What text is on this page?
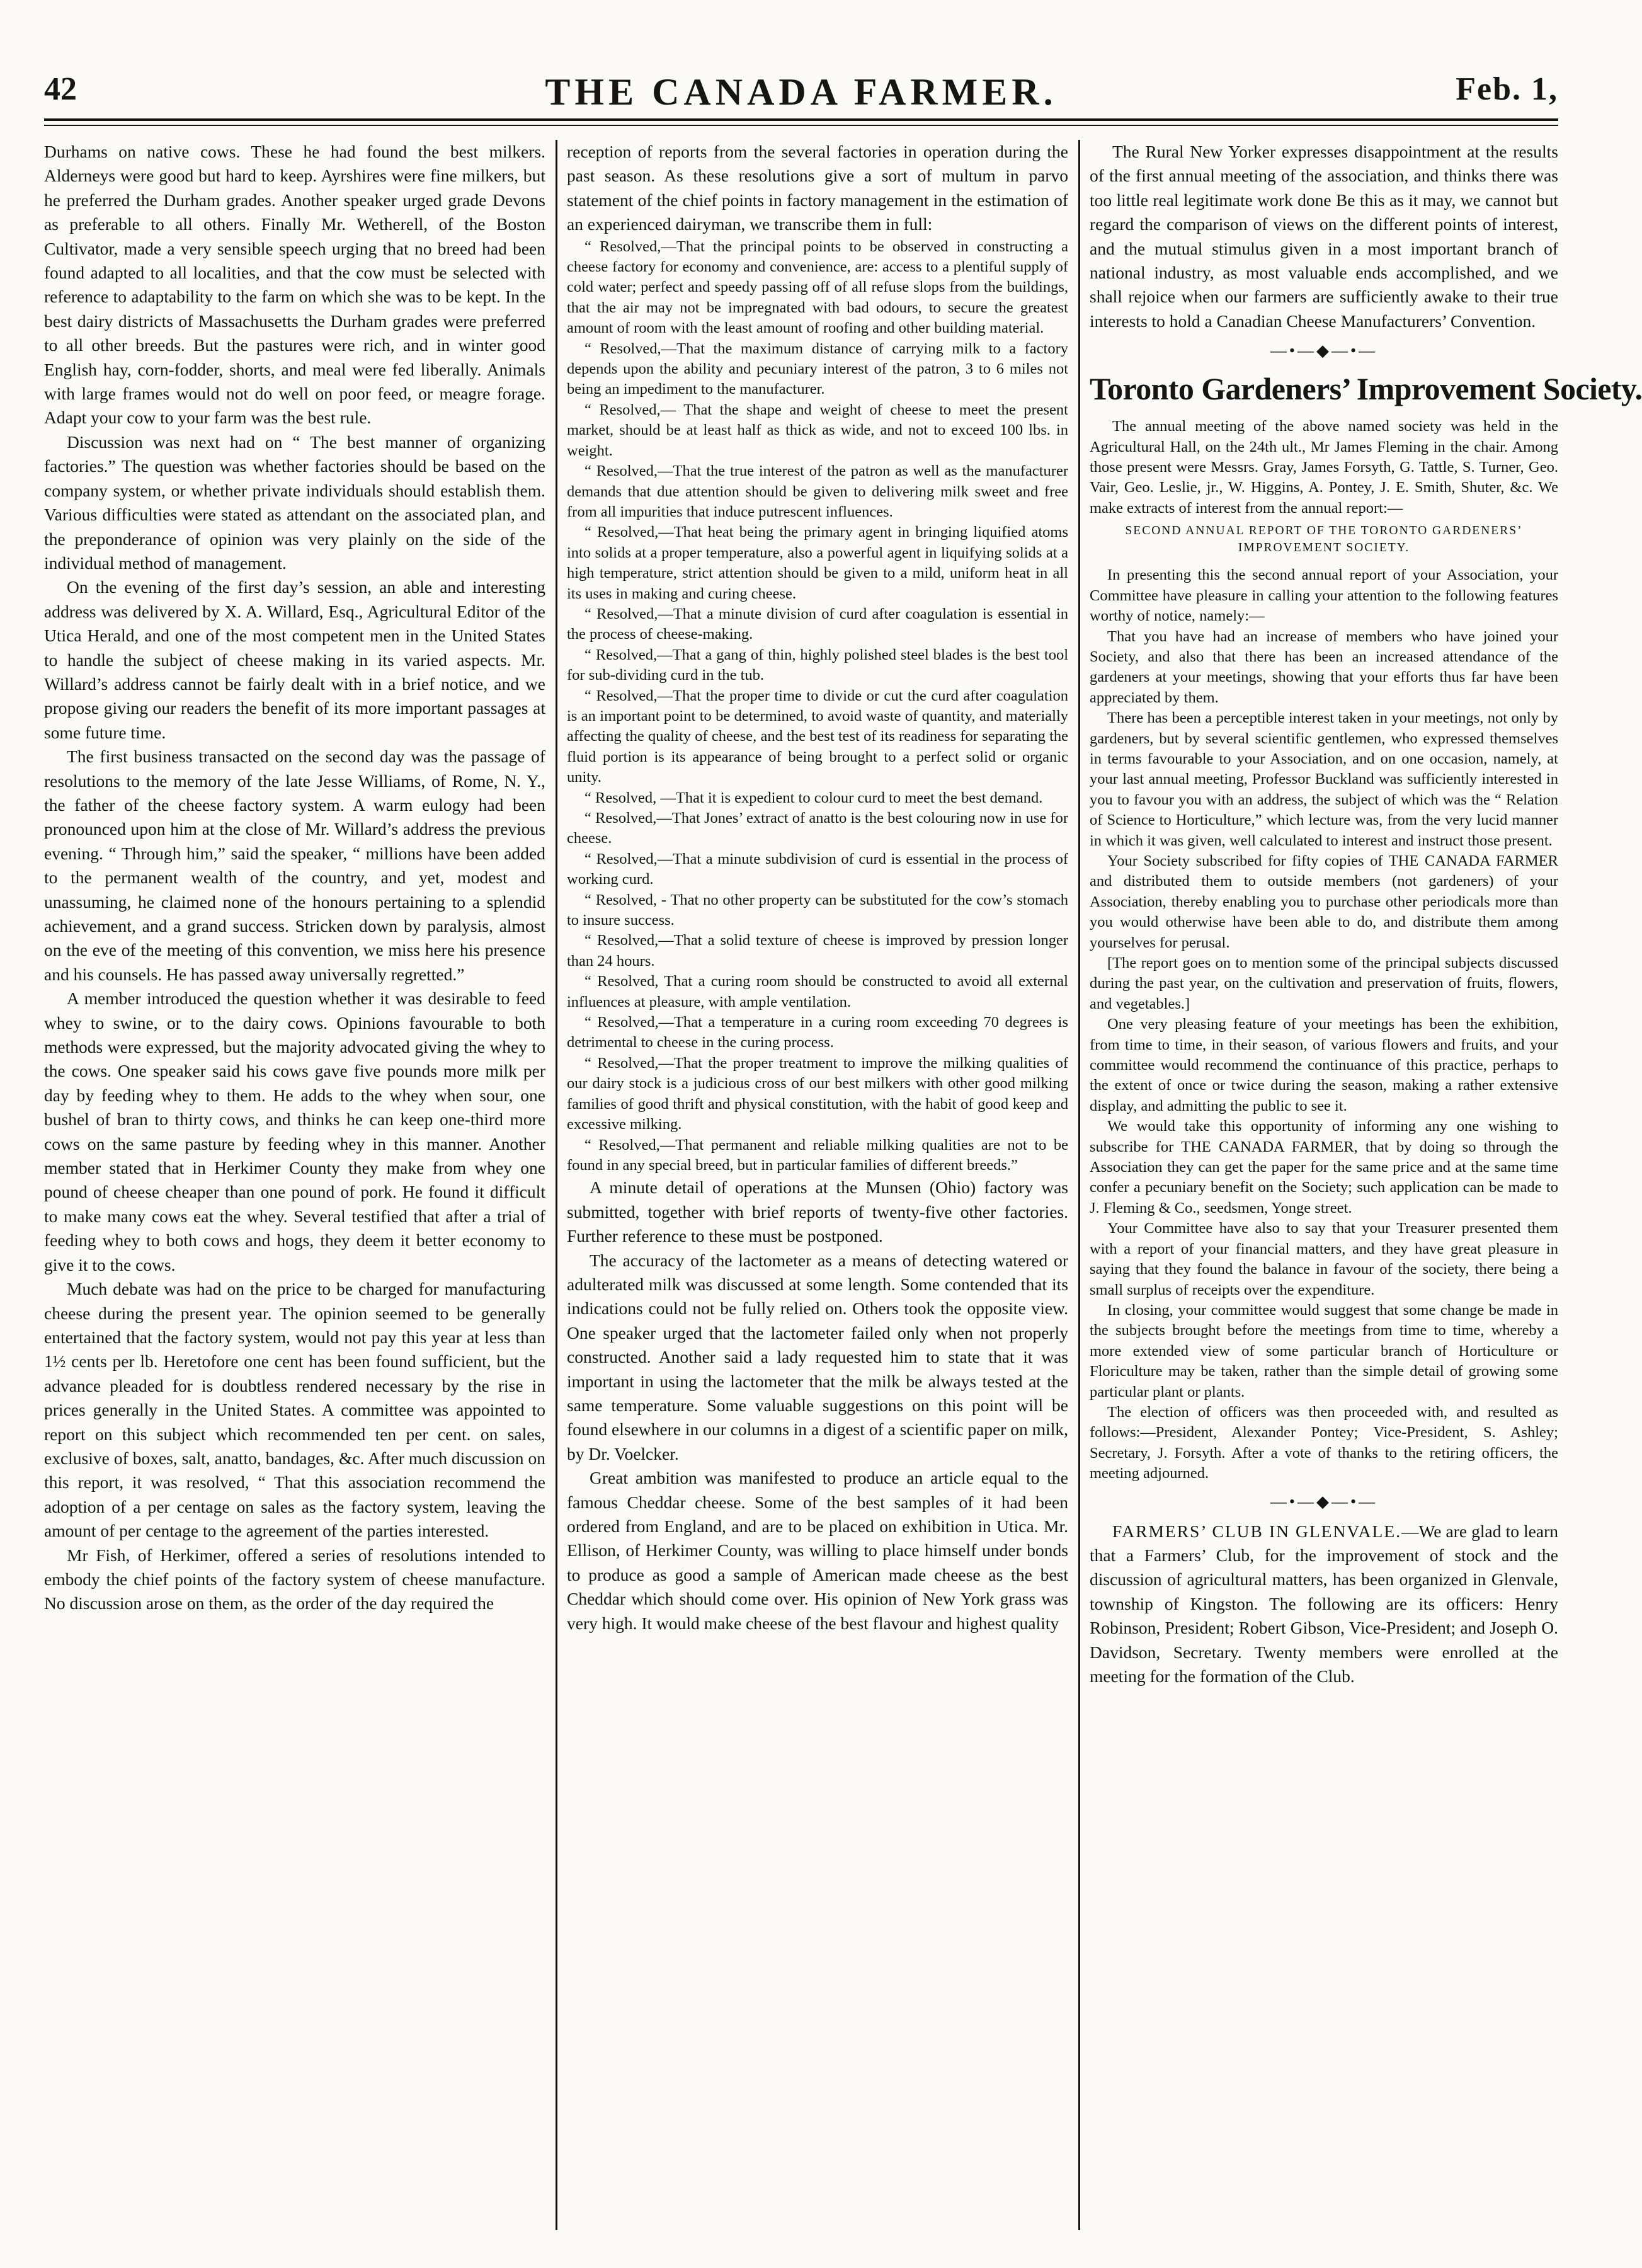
42	THE CANADA FARMER.	Feb. 1,

Durhams on native cows. These he had found the best milkers. Alderneys were good but hard to keep. Ayrshires were fine milkers, but he preferred the Durham grades. Another speaker urged grade Devons as preferable to all others. Finally Mr. Wetherell, of the Boston Cultivator, made a very sensible speech urging that no breed had been found adapted to all localities, and that the cow must be selected with reference to adaptability to the farm on which she was to be kept. In the best dairy districts of Massachusetts the Durham grades were preferred to all other breeds. But the pastures were rich, and in winter good English hay, corn-fodder, shorts, and meal were fed liberally. Animals with large frames would not do well on poor feed, or meagre forage. Adapt your cow to your farm was the best rule.

Discussion was next had on “ The best manner of organizing factories.” The question was whether factories should be based on the company system, or whether private individuals should establish them. Various difficulties were stated as attendant on the associated plan, and the preponderance of opinion was very plainly on the side of the individual method of management.

On the evening of the first day’s session, an able and interesting address was delivered by X. A. Willard, Esq., Agricultural Editor of the Utica Herald, and one of the most competent men in the United States to handle the subject of cheese making in its varied aspects. Mr. Willard’s address cannot be fairly dealt with in a brief notice, and we propose giving our readers the benefit of its more important passages at some future time.

The first business transacted on the second day was the passage of resolutions to the memory of the late Jesse Williams, of Rome, N. Y., the father of the cheese factory system. A warm eulogy had been pronounced upon him at the close of Mr. Willard’s address the previous evening. “ Through him,” said the speaker, “ millions have been added to the permanent wealth of the country, and yet, modest and unassuming, he claimed none of the honours pertaining to a splendid achievement, and a grand success. Stricken down by paralysis, almost on the eve of the meeting of this convention, we miss here his presence and his counsels. He has passed away universally regretted.”

A member introduced the question whether it was desirable to feed whey to swine, or to the dairy cows. Opinions favourable to both methods were expressed, but the majority advocated giving the whey to the cows. One speaker said his cows gave five pounds more milk per day by feeding whey to them. He adds to the whey when sour, one bushel of bran to thirty cows, and thinks he can keep one-third more cows on the same pasture by feeding whey in this manner. Another member stated that in Herkimer County they make from whey one pound of cheese cheaper than one pound of pork. He found it difficult to make many cows eat the whey. Several testified that after a trial of feeding whey to both cows and hogs, they deem it better economy to give it to the cows.

Much debate was had on the price to be charged for manufacturing cheese during the present year. The opinion seemed to be generally entertained that the factory system, would not pay this year at less than 1½ cents per lb. Heretofore one cent has been found sufficient, but the advance pleaded for is doubtless rendered necessary by the rise in prices generally in the United States. A committee was appointed to report on this subject which recommended ten per cent. on sales, exclusive of boxes, salt, anatto, bandages, &c. After much discussion on this report, it was resolved, “ That this association recommend the adoption of a per centage on sales as the factory system, leaving the amount of per centage to the agreement of the parties interested.

Mr Fish, of Herkimer, offered a series of resolutions intended to embody the chief points of the factory system of cheese manufacture. No discussion arose on them, as the order of the day required the

reception of reports from the several factories in operation during the past season. As these resolutions give a sort of multum in parvo statement of the chief points in factory management in the estimation of an experienced dairyman, we transcribe them in full:

“ Resolved,—That the principal points to be observed in constructing a cheese factory for economy and convenience, are: access to a plentiful supply of cold water; perfect and speedy passing off of all refuse slops from the buildings, that the air may not be impregnated with bad odours, to secure the greatest amount of room with the least amount of roofing and other building material.

“ Resolved,—That the maximum distance of carrying milk to a factory depends upon the ability and pecuniary interest of the patron, 3 to 6 miles not being an impediment to the manufacturer.

“ Resolved,— That the shape and weight of cheese to meet the present market, should be at least half as thick as wide, and not to exceed 100 lbs. in weight.

“ Resolved,—That the true interest of the patron as well as the manufacturer demands that due attention should be given to delivering milk sweet and free from all impurities that induce putrescent influences.

“ Resolved,—That heat being the primary agent in bringing liquified atoms into solids at a proper temperature, also a powerful agent in liquifying solids at a high temperature, strict attention should be given to a mild, uniform heat in all its uses in making and curing cheese.

“ Resolved,—That a minute division of curd after coagulation is essential in the process of cheese-making.

“ Resolved,—That a gang of thin, highly polished steel blades is the best tool for sub-dividing curd in the tub.

“ Resolved,—That the proper time to divide or cut the curd after coagulation is an important point to be determined, to avoid waste of quantity, and materially affecting the quality of cheese, and the best test of its readiness for separating the fluid portion is its appearance of being brought to a perfect solid or organic unity.

“ Resolved, —That it is expedient to colour curd to meet the best demand.

“ Resolved,—That Jones’ extract of anatto is the best colouring now in use for cheese.

“ Resolved,—That a minute subdivision of curd is essential in the process of working curd.

“ Resolved, - That no other property can be substituted for the cow’s stomach to insure success.

“ Resolved,—That a solid texture of cheese is improved by pression longer than 24 hours.

“ Resolved, That a curing room should be constructed to avoid all external influences at pleasure, with ample ventilation.

“ Resolved,—That a temperature in a curing room exceeding 70 degrees is detrimental to cheese in the curing process.

“ Resolved,—That the proper treatment to improve the milking qualities of our dairy stock is a judicious cross of our best milkers with other good milking families of good thrift and physical constitution, with the habit of good keep and excessive milking.

“ Resolved,—That permanent and reliable milking qualities are not to be found in any special breed, but in particular families of different breeds.”

A minute detail of operations at the Munsen (Ohio) factory was submitted, together with brief reports of twenty-five other factories. Further reference to these must be postponed.

The accuracy of the lactometer as a means of detecting watered or adulterated milk was discussed at some length. Some contended that its indications could not be fully relied on. Others took the opposite view. One speaker urged that the lactometer failed only when not properly constructed. Another said a lady requested him to state that it was important in using the lactometer that the milk be always tested at the same temperature. Some valuable suggestions on this point will be found elsewhere in our columns in a digest of a scientific paper on milk, by Dr. Voelcker.

Great ambition was manifested to produce an article equal to the famous Cheddar cheese. Some of the best samples of it had been ordered from England, and are to be placed on exhibition in Utica. Mr. Ellison, of Herkimer County, was willing to place himself under bonds to produce as good a sample of American made cheese as the best Cheddar which should come over. His opinion of New York grass was very high. It would make cheese of the best flavour and highest quality

The Rural New Yorker expresses disappointment at the results of the first annual meeting of the association, and thinks there was too little real legitimate work done Be this as it may, we cannot but regard the comparison of views on the different points of interest, and the mutual stimulus given in a most important branch of national industry, as most valuable ends accomplished, and we shall rejoice when our farmers are sufficiently awake to their true interests to hold a Canadian Cheese Manufacturers’ Convention.

—•—◆—•—
Toronto Gardeners’ Improvement Society.

The annual meeting of the above named society was held in the Agricultural Hall, on the 24th ult., Mr James Fleming in the chair. Among those present were Messrs. Gray, James Forsyth, G. Tattle, S. Turner, Geo. Vair, Geo. Leslie, jr., W. Higgins, A. Pontey, J. E. Smith, Shuter, &c. We make extracts of interest from the annual report:—

SECOND ANNUAL REPORT OF THE TORONTO GARDENERS’ IMPROVEMENT SOCIETY.

In presenting this the second annual report of your Association, your Committee have pleasure in calling your attention to the following features worthy of notice, namely:—

That you have had an increase of members who have joined your Society, and also that there has been an increased attendance of the gardeners at your meetings, showing that your efforts thus far have been appreciated by them.

There has been a perceptible interest taken in your meetings, not only by gardeners, but by several scientific gentlemen, who expressed themselves in terms favourable to your Association, and on one occasion, namely, at your last annual meeting, Professor Buckland was sufficiently interested in you to favour you with an address, the subject of which was the “ Relation of Science to Horticulture,” which lecture was, from the very lucid manner in which it was given, well calculated to interest and instruct those present.

Your Society subscribed for fifty copies of THE CANADA FARMER and distributed them to outside members (not gardeners) of your Association, thereby enabling you to purchase other periodicals more than you would otherwise have been able to do, and distribute them among yourselves for perusal.

[The report goes on to mention some of the principal subjects discussed during the past year, on the cultivation and preservation of fruits, flowers, and vegetables.]

One very pleasing feature of your meetings has been the exhibition, from time to time, in their season, of various flowers and fruits, and your committee would recommend the continuance of this practice, perhaps to the extent of once or twice during the season, making a rather extensive display, and admitting the public to see it.

We would take this opportunity of informing any one wishing to subscribe for THE CANADA FARMER, that by doing so through the Association they can get the paper for the same price and at the same time confer a pecuniary benefit on the Society; such application can be made to J. Fleming & Co., seedsmen, Yonge street.

Your Committee have also to say that your Treasurer presented them with a report of your financial matters, and they have great pleasure in saying that they found the balance in favour of the society, there being a small surplus of receipts over the expenditure.

In closing, your committee would suggest that some change be made in the subjects brought before the meetings from time to time, whereby a more extended view of some particular branch of Horticulture or Floriculture may be taken, rather than the simple detail of growing some particular plant or plants.

The election of officers was then proceeded with, and resulted as follows:—President, Alexander Pontey; Vice-President, S. Ashley; Secretary, J. Forsyth. After a vote of thanks to the retiring officers, the meeting adjourned.

—•—◆—•—

FARMERS’ CLUB IN GLENVALE.—We are glad to learn that a Farmers’ Club, for the improvement of stock and the discussion of agricultural matters, has been organized in Glenvale, township of Kingston. The following are its officers: Henry Robinson, President; Robert Gibson, Vice-President; and Joseph O. Davidson, Secretary. Twenty members were enrolled at the meeting for the formation of the Club.
